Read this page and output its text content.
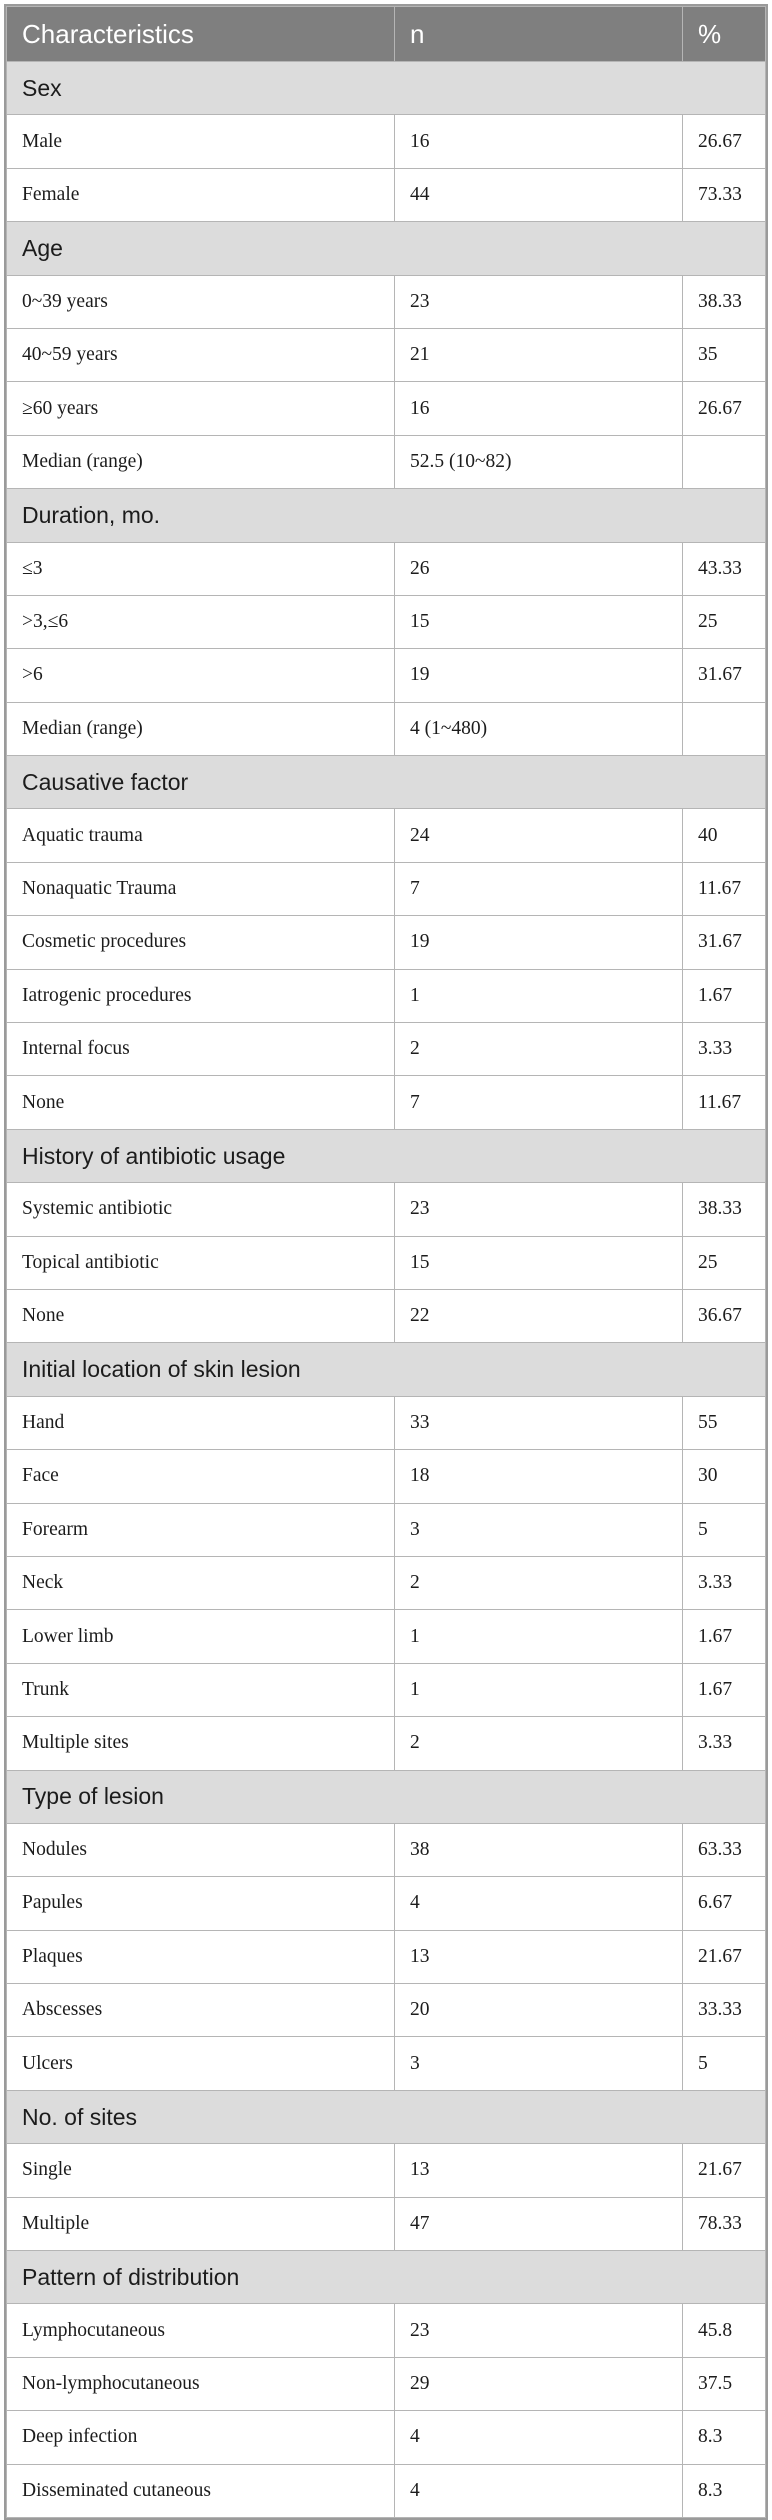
Characteristics	n	%
Sex		
Male	16	26.67
Female	44	73.33
Age		
0~39 years	23	38.33
40~59 years	21	35
≥60 years	16	26.67
Median (range)	52.5 (10~82)	
Duration, mo.		
≤3	26	43.33
>3,≤6	15	25
>6	19	31.67
Median (range)	4 (1~480)	
Causative factor		
Aquatic trauma	24	40
Nonaquatic Trauma	7	11.67
Cosmetic procedures	19	31.67
Iatrogenic procedures	1	1.67
Internal focus	2	3.33
None	7	11.67
History of antibiotic usage		
Systemic antibiotic	23	38.33
Topical antibiotic	15	25
None	22	36.67
Initial location of skin lesion		
Hand	33	55
Face	18	30
Forearm	3	5
Neck	2	3.33
Lower limb	1	1.67
Trunk	1	1.67
Multiple sites	2	3.33
Type of lesion		
Nodules	38	63.33
Papules	4	6.67
Plaques	13	21.67
Abscesses	20	33.33
Ulcers	3	5
No. of sites		
Single	13	21.67
Multiple	47	78.33
Pattern of distribution		
Lymphocutaneous	23	45.8
Non-lymphocutaneous	29	37.5
Deep infection	4	8.3
Disseminated cutaneous	4	8.3
